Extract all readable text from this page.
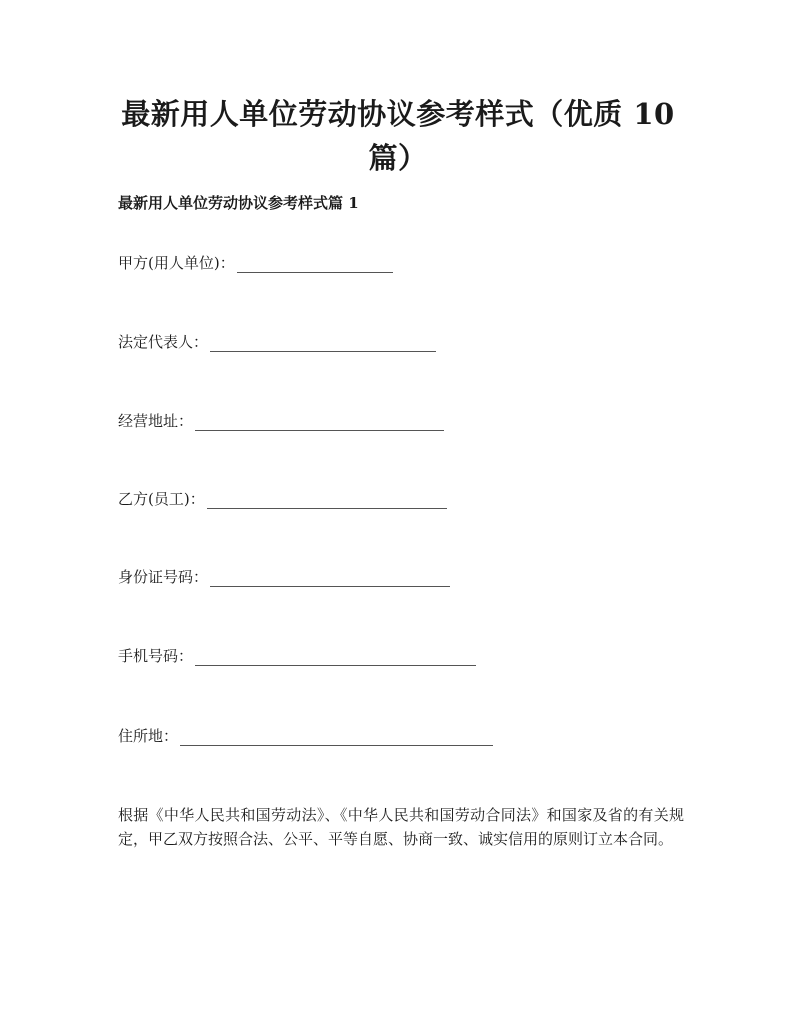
最新用人单位劳动协议参考样式（优质 10
篇）
最新用人单位劳动协议参考样式篇 1
甲方(用人单位)：
法定代表人：
经营地址：
乙方(员工)：
身份证号码：
手机号码：
住所地：
根据《中华人民共和国劳动法》、《中华人民共和国劳动合同法》和国家及省的有关规定，甲乙双方按照合法、公平、平等自愿、协商一致、诚实信用的原则订立本合同。
